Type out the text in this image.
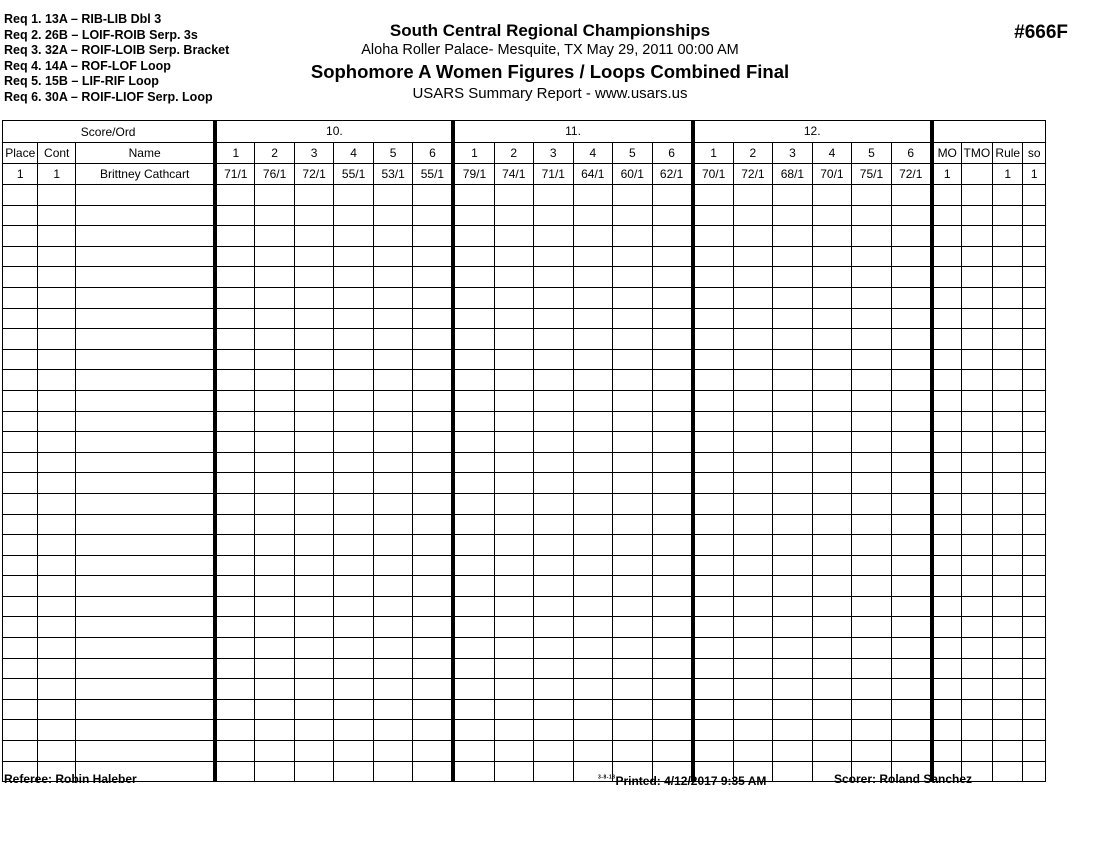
Req 1. 13A – RIB-LIB Dbl 3
Req 2. 26B – LOIF-ROIB Serp. 3s
Req 3. 32A – ROIF-LOIB Serp. Bracket
Req 4. 14A – ROF-LOF Loop
Req 5. 15B – LIF-RIF Loop
Req 6. 30A – ROIF-LIOF Serp. Loop
South Central Regional Championships
Aloha Roller Palace- Mesquite, TX May 29, 2011 00:00 AM
Sophomore A Women Figures / Loops Combined Final
USARS Summary Report - www.usars.us
#666F
Score/Ord			10.						11.						12.									
Place	Cont	Name	1	2	3	4	5	6	1	2	3	4	5	6	1	2	3	4	5	6	MO	TMO	Rule	so
1	1	Brittney Cathcart	71/1	76/1	72/1	55/1	53/1	55/1	79/1	74/1	71/1	64/1	60/1	62/1	70/1	72/1	68/1	70/1	75/1	72/1	1		1	1

Referee: Robin Haleber	$^{3-8-18}$Printed: 4/12/2017 9:35 AM	Scorer: Roland Sanchez
